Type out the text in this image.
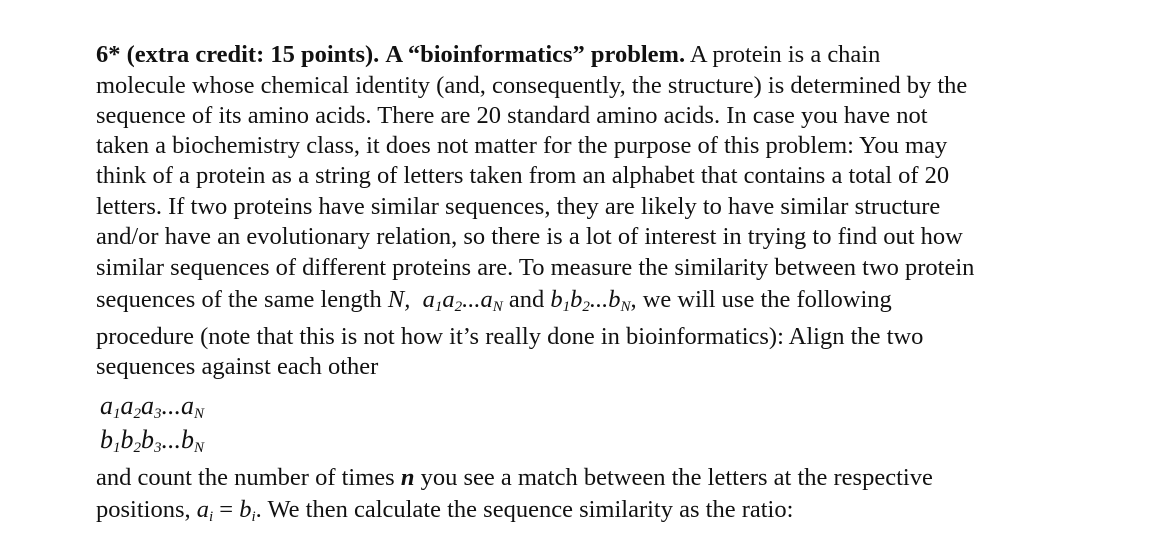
6* (extra credit: 15 points). A “bioinformatics” problem. A protein is a chain
molecule whose chemical identity (and, consequently, the structure) is determined by the
sequence of its amino acids. There are 20 standard amino acids. In case you have not
taken a biochemistry class, it does not matter for the purpose of this problem: You may
think of a protein as a string of letters taken from an alphabet that contains a total of 20
letters. If two proteins have similar sequences, they are likely to have similar structure
and/or have an evolutionary relation, so there is a lot of interest in trying to find out how
similar sequences of different proteins are. To measure the similarity between two protein
sequences of the same length N, $a_1a_2...a_N$ and $b_1b_2...b_N$, we will use the following
procedure (note that this is not how it’s really done in bioinformatics): Align the two
sequences against each other
$a_1a_2a_3...a_N$
$b_1b_2b_3...b_N$
and count the number of times n you see a match between the letters at the respective
positions, $a_i = b_i$. We then calculate the sequence similarity as the ratio:
